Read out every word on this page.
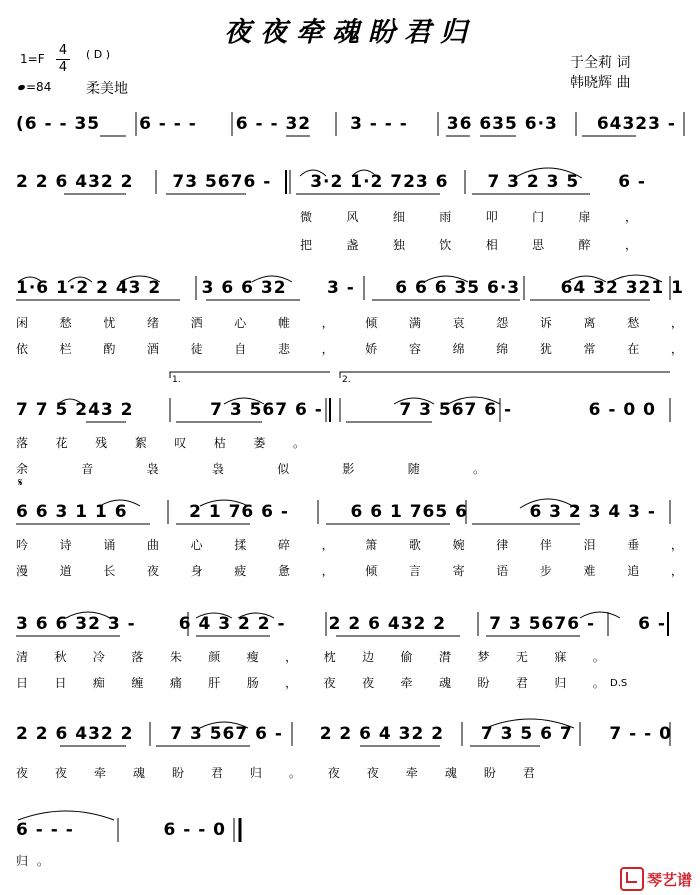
夜夜牵魂盼君归
1=F
4
4
( D )
=84 柔美地
于全莉 词
韩晓辉 曲
(6 - - 35 6 - - - 6 - - 32 3 - - - 36 635 6·3 64323 -
2 2 6 432 2 73 5676 - 3·2 1·2 723 6 7 3 2 3 5 6 -
微	风	细	雨	叩	门	扉	，
把	盏	独	饮	相	思	醉	，
1·6 1·2 2 43 2 3 6 6 32 3 - 6 6 6 35 6·3 64 32 321 1
闲	愁	忧	绪	洒	心	帷	，	倾	满	哀	怨	诉	离	愁	，
依	栏	酌	酒	徒	自	悲	，	娇	容	绵	绵	犹	常	在	，
1.	2.
7 7 5 243 2	7 3 567 6 -	7 3 567 6 -	6 - 0 0
落 花 残 絮 叹 枯 萎 。
余	音	袅	袅	似	影	随	。
𝄋
6 6 3 1 1 6	2 1 76 6 -	6 6 1 765 6	6 3 2 3 4 3 -
吟	诗	诵	曲	心	揉	碎	，	箫	歌	婉	律	伴	泪	垂	，
漫	道	长	夜	身	疲	惫	，	倾	言	寄	语	步	难	追	，
3 6 6 32 3 -	6 4 3 2 2 -	2 2 6 432 2	7 3 5676 -	6 -
清 秋 冷 落 朱 颜 瘦 ， 枕 边 偷 潸 梦 无 寐 。
日 日 痴 缠 痛 肝 肠 ， 夜 夜 牵 魂 盼 君 归 。 D.S
2 2 6 432 2 7 3 567 6 - 2 2 6 4 32 2 7 3 5 6 7 7 - - 0
夜 夜 牵 魂 盼 君 归 。 夜 夜 牵 魂 盼 君
6 - - -	6 - - 0
归 。
琴艺谱
